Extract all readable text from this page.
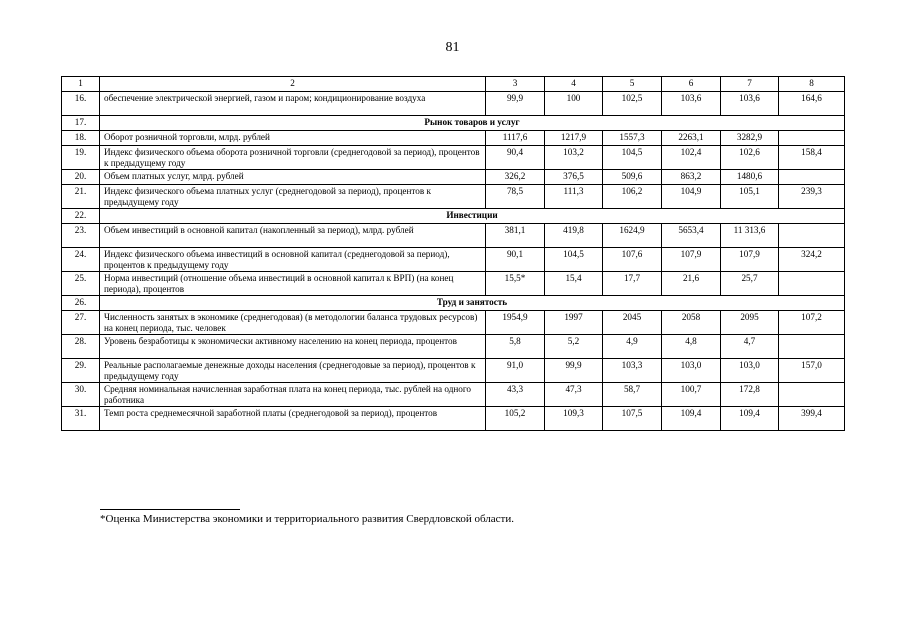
81
1	2	3	4	5	6	7	8
16.	обеспечение электрической энергией, газом и паром; кондиционирование воздуха	99,9	100	102,5	103,6	103,6	164,6
17.	Рынок товаров и услуг						
18.	Оборот розничной торговли, млрд. рублей	1117,6	1217,9	1557,3	2263,1	3282,9	
19.	Индекс физического объема оборота розничной торговли (среднегодовой за период), процентов к предыдущему году	90,4	103,2	104,5	102,4	102,6	158,4
20.	Объем платных услуг, млрд. рублей	326,2	376,5	509,6	863,2	1480,6	
21.	Индекс физического объема платных услуг (среднегодовой за период), процентов к предыдущему году	78,5	111,3	106,2	104,9	105,1	239,3
22.	Инвестиции						
23.	Объем инвестиций в основной капитал (накопленный за период), млрд. рублей	381,1	419,8	1624,9	5653,4	11 313,6	
24.	Индекс физического объема инвестиций в основной капитал (среднегодовой за период), процентов к предыдущему году	90,1	104,5	107,6	107,9	107,9	324,2
25.	Норма инвестиций (отношение объема инвестиций в основной капитал к ВРП) (на конец периода), процентов	15,5*	15,4	17,7	21,6	25,7	
26.	Труд и занятость						
27.	Численность занятых в экономике (среднегодовая) (в методологии баланса трудовых ресурсов) на конец периода, тыс. человек	1954,9	1997	2045	2058	2095	107,2
28.	Уровень безработицы к экономически активному населению на конец периода, процентов	5,8	5,2	4,9	4,8	4,7	
29.	Реальные располагаемые денежные доходы населения (среднегодовые за период), процентов к предыдущему году	91,0	99,9	103,3	103,0	103,0	157,0
30.	Средняя номинальная начисленная заработная плата на конец периода, тыс. рублей на одного работника	43,3	47,3	58,7	100,7	172,8	
31.	Темп роста среднемесячной заработной платы (среднегодовой за период), процентов	105,2	109,3	107,5	109,4	109,4	399,4
*Оценка Министерства экономики и территориального развития Свердловской области.
